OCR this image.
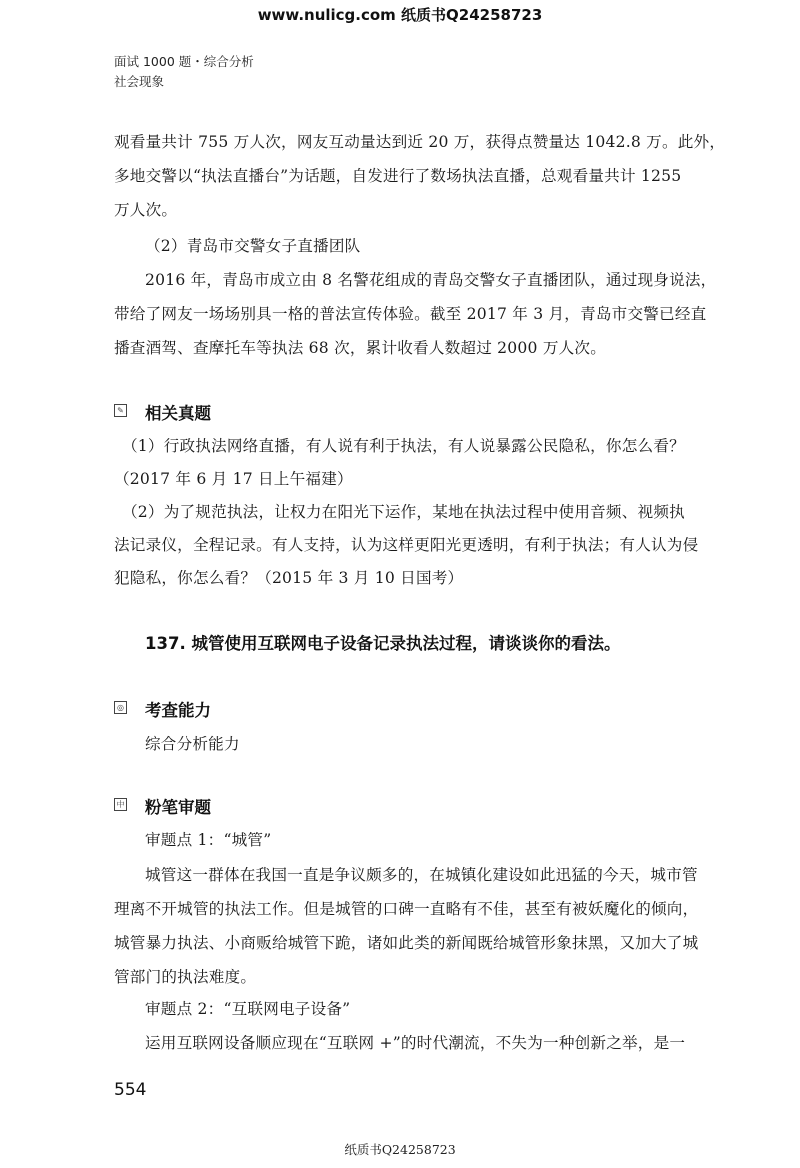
www.nulicg.com 纸质书Q24258723
面试 1000 题・综合分析
社会现象
观看量共计 755 万人次，网友互动量达到近 20 万，获得点赞量达 1042.8 万。此外，
多地交警以“执法直播台”为话题，自发进行了数场执法直播，总观看量共计 1255
万人次。
（2）青岛市交警女子直播团队
2016 年，青岛市成立由 8 名警花组成的青岛交警女子直播团队，通过现身说法，
带给了网友一场场别具一格的普法宣传体验。截至 2017 年 3 月，青岛市交警已经直
播查酒驾、查摩托车等执法 68 次，累计收看人数超过 2000 万人次。
✎ 相关真题
（1）行政执法网络直播，有人说有利于执法，有人说暴露公民隐私，你怎么看？
（2017 年 6 月 17 日上午福建）
（2）为了规范执法，让权力在阳光下运作，某地在执法过程中使用音频、视频执
法记录仪，全程记录。有人支持，认为这样更阳光更透明，有利于执法；有人认为侵
犯隐私，你怎么看？（2015 年 3 月 10 日国考）
137. 城管使用互联网电子设备记录执法过程，请谈谈你的看法。
◎ 考查能力
综合分析能力
中 粉笔审题
审题点 1：“城管”
城管这一群体在我国一直是争议颇多的，在城镇化建设如此迅猛的今天，城市管
理离不开城管的执法工作。但是城管的口碑一直略有不佳，甚至有被妖魔化的倾向，
城管暴力执法、小商贩给城管下跪，诸如此类的新闻既给城管形象抹黑，又加大了城
管部门的执法难度。
审题点 2：“互联网电子设备”
运用互联网设备顺应现在“互联网 +”的时代潮流，不失为一种创新之举，是一
554
纸质书Q24258723
